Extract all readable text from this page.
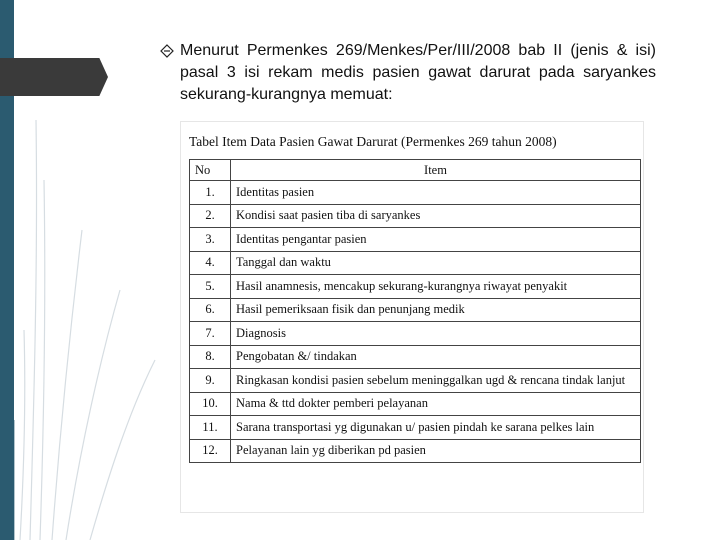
Menurut Permenkes 269/Menkes/Per/III/2008 bab II (jenis & isi) pasal 3 isi rekam medis pasien gawat darurat pada saryankes sekurang-kurangnya memuat:
Tabel Item Data Pasien Gawat Darurat (Permenkes 269 tahun 2008)
No	Item
1.	Identitas pasien
2.	Kondisi saat pasien tiba di saryankes
3.	Identitas pengantar pasien
4.	Tanggal dan waktu
5.	Hasil anamnesis, mencakup sekurang-kurangnya riwayat penyakit
6.	Hasil pemeriksaan fisik dan penunjang medik
7.	Diagnosis
8.	Pengobatan &/ tindakan
9.	Ringkasan kondisi pasien sebelum meninggalkan ugd & rencana tindak lanjut
10.	Nama & ttd dokter pemberi pelayanan
11.	Sarana transportasi yg digunakan u/ pasien pindah ke sarana pelkes lain
12.	Pelayanan lain yg diberikan pd pasien
